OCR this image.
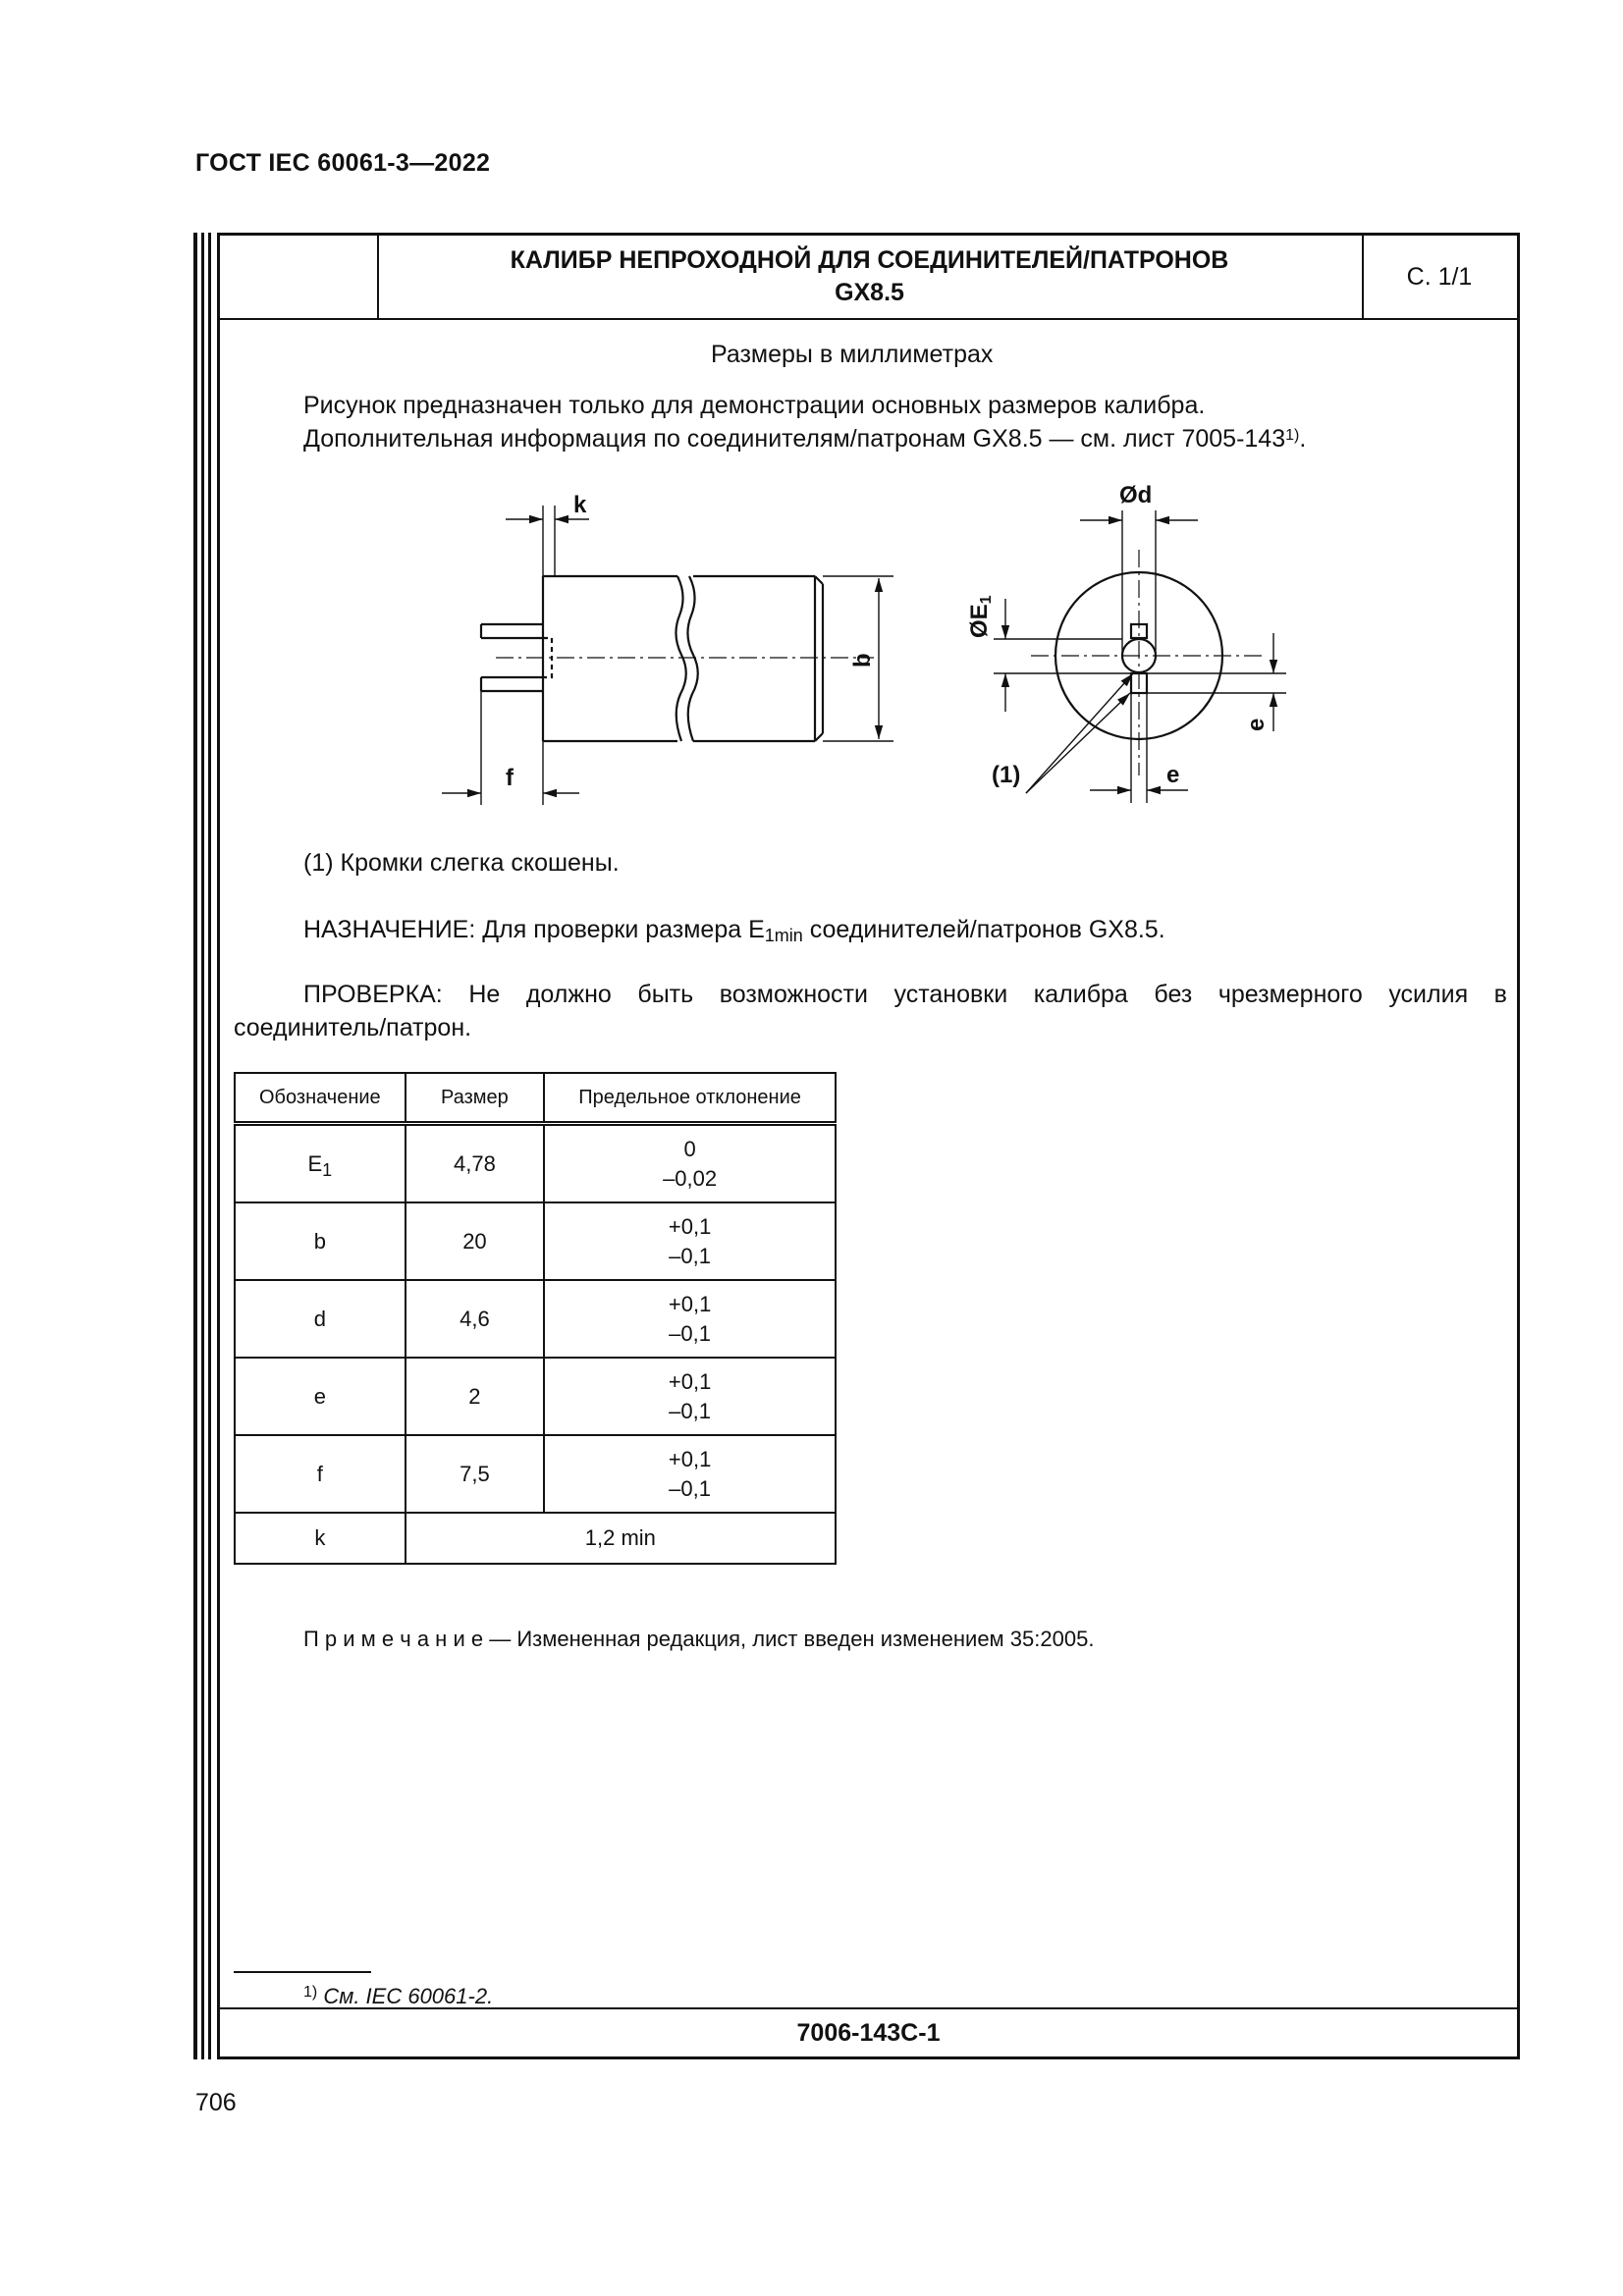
ГОСТ IEC 60061-3—2022
КАЛИБР НЕПРОХОДНОЙ ДЛЯ СОЕДИНИТЕЛЕЙ/ПАТРОНОВ
GX8.5
С. 1/1
7006-143C-1
Размеры в миллиметрах
Рисунок предназначен только для демонстрации основных размеров калибра.
Дополнительная информация по соединителям/патронам GX8.5 — см. лист 7005-143$^{1)}$.
k
f
b
Ød
ØE1
e
e
(1)
(1) Кромки слегка скошены.
НАЗНАЧЕНИЕ: Для проверки размера $E_{1min}$ соединителей/патронов GX8.5.
ПРОВЕРКА: Не должно быть возможности установки калибра без чрезмерного усилия в
соединитель/патрон.
Обозначение	Размер	Предельное отклонение
$E_1$	4,78	0
–0,02

b	20	+0,1
–0,1

d	4,6	+0,1
–0,1

e	2	+0,1
–0,1

f	7,5	+0,1
–0,1

k	1,2 min	
П р и м е ч а н и е — Измененная редакция, лист введен изменением 35:2005.
$^{1)}$ См. IEC 60061-2.
706
